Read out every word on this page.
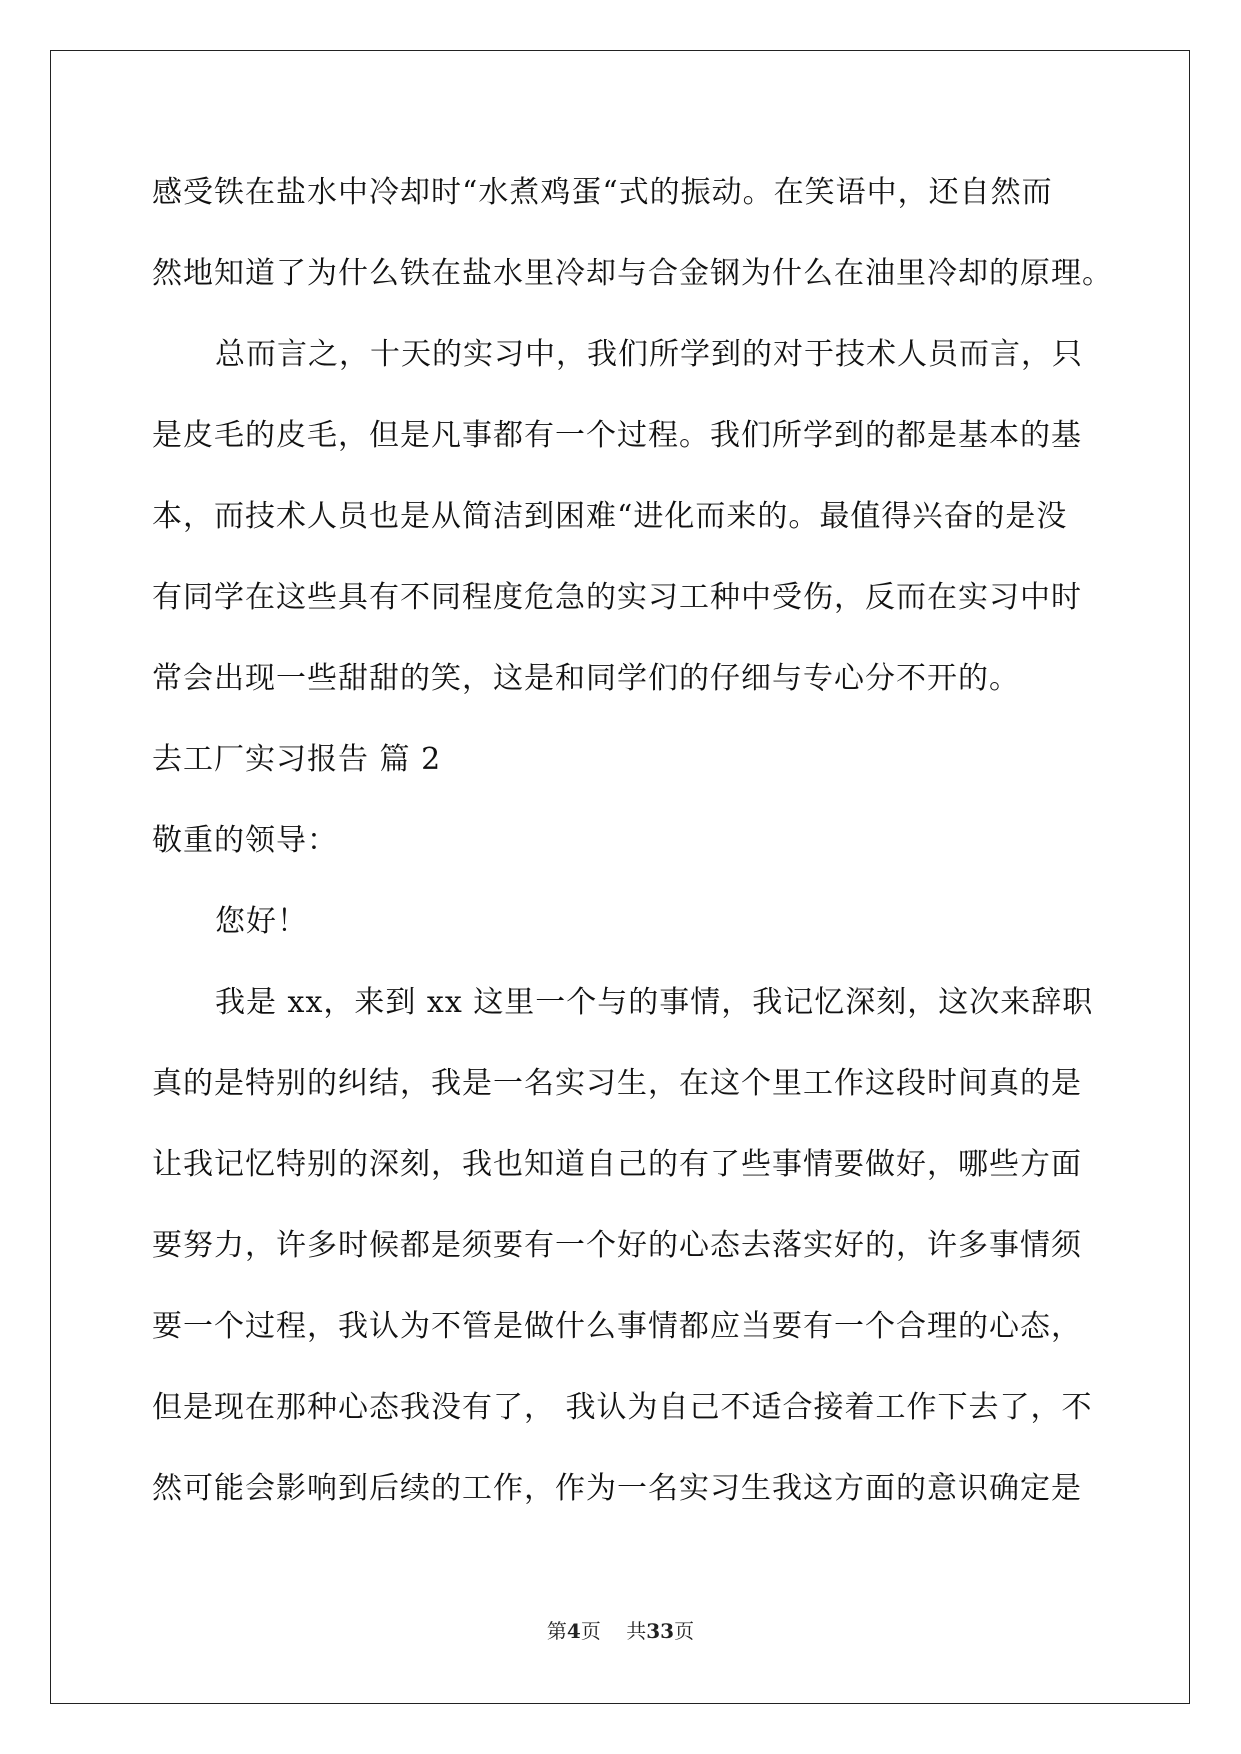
感受铁在盐水中冷却时“水煮鸡蛋“式的振动。在笑语中，还自然而
然地知道了为什么铁在盐水里冷却与合金钢为什么在油里冷却的原理。
总而言之，十天的实习中，我们所学到的对于技术人员而言，只
是皮毛的皮毛，但是凡事都有一个过程。我们所学到的都是基本的基
本，而技术人员也是从简洁到困难“进化而来的。最值得兴奋的是没
有同学在这些具有不同程度危急的实习工种中受伤，反而在实习中时
常会出现一些甜甜的笑，这是和同学们的仔细与专心分不开的。
去工厂实习报告 篇 2
敬重的领导：
您好！
我是 xx，来到 xx 这里一个与的事情，我记忆深刻，这次来辞职
真的是特别的纠结，我是一名实习生，在这个里工作这段时间真的是
让我记忆特别的深刻，我也知道自己的有了些事情要做好，哪些方面
要努力，许多时候都是须要有一个好的心态去落实好的，许多事情须
要一个过程，我认为不管是做什么事情都应当要有一个合理的心态，
但是现在那种心态我没有了， 我认为自己不适合接着工作下去了，不
然可能会影响到后续的工作，作为一名实习生我这方面的意识确定是
第4页    共33页
